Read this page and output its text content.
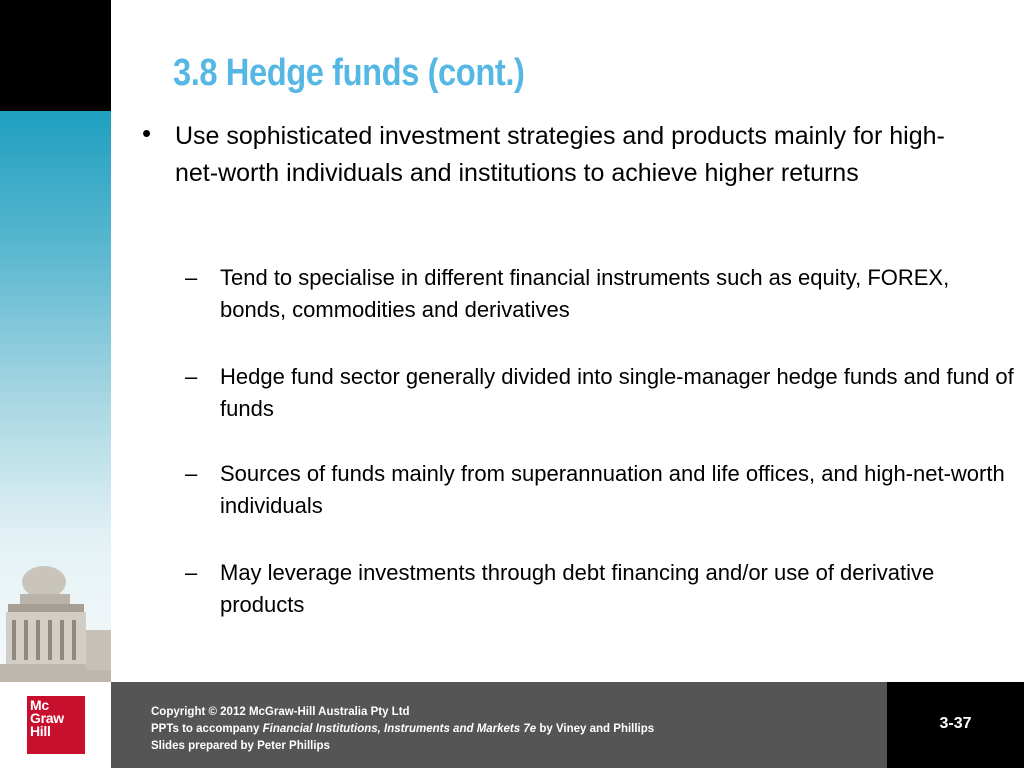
3.8 Hedge funds (cont.)
• Use sophisticated investment strategies and products mainly for high-net-worth individuals and institutions to achieve higher returns
– Tend to specialise in different financial instruments such as equity, FOREX, bonds, commodities and derivatives
– Hedge fund sector generally divided into single-manager hedge funds and fund of funds
– Sources of funds mainly from superannuation and life offices, and high-net-worth individuals
– May leverage investments through debt financing and/or use of derivative products
Mc
Graw
Hill
Copyright © 2012 McGraw-Hill Australia Pty Ltd
PPTs to accompany Financial Institutions, Instruments and Markets 7e by Viney and Phillips
Slides prepared by Peter Phillips
3-37
